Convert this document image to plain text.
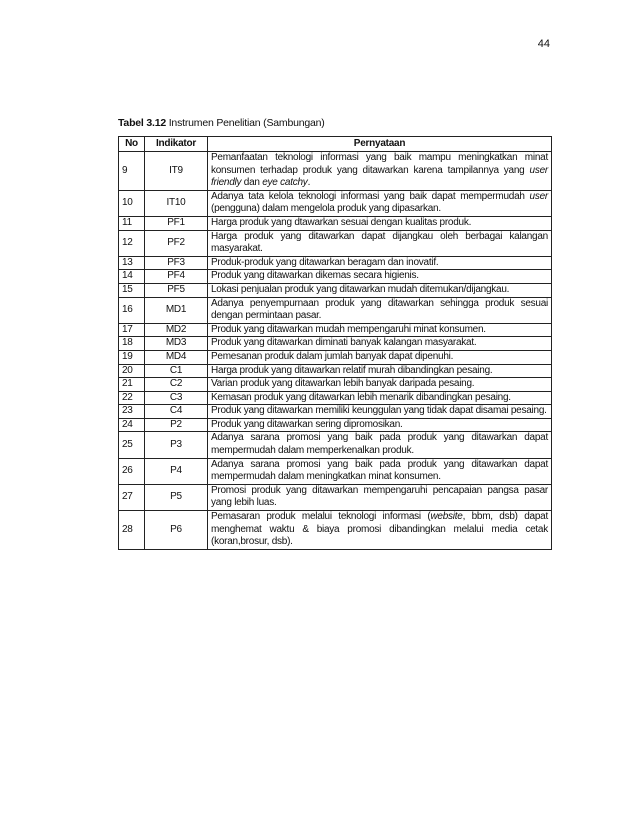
44
Tabel 3.12 Instrumen Penelitian (Sambungan)
No	Indikator	Pernyataan
9	IT9	Pemanfaatan teknologi informasi yang baik mampu meningkatkan minat konsumen terhadap produk yang ditawarkan karena tampilannya yang user friendly dan eye catchy.
10	IT10	Adanya tata kelola teknologi informasi yang baik dapat mempermudah user (pengguna) dalam mengelola produk yang dipasarkan.
11	PF1	Harga produk yang dtawarkan sesuai dengan kualitas produk.
12	PF2	Harga produk yang ditawarkan dapat dijangkau oleh berbagai kalangan masyarakat.
13	PF3	Produk-produk yang ditawarkan beragam dan inovatif.
14	PF4	Produk yang ditawarkan dikemas secara higienis.
15	PF5	Lokasi penjualan produk yang ditawarkan mudah ditemukan/dijangkau.
16	MD1	Adanya penyempurnaan produk yang ditawarkan sehingga produk sesuai dengan permintaan pasar.
17	MD2	Produk yang ditawarkan mudah mempengaruhi minat konsumen.
18	MD3	Produk yang ditawarkan diminati banyak kalangan masyarakat.
19	MD4	Pemesanan produk dalam jumlah banyak dapat dipenuhi.
20	C1	Harga produk yang ditawarkan relatif murah dibandingkan pesaing.
21	C2	Varian produk yang ditawarkan lebih banyak daripada pesaing.
22	C3	Kemasan produk yang ditawarkan lebih menarik dibandingkan pesaing.
23	C4	Produk yang ditawarkan memiliki keunggulan yang tidak dapat disamai pesaing.
24	P2	Produk yang ditawarkan sering dipromosikan.
25	P3	Adanya sarana promosi yang baik pada produk yang ditawarkan dapat mempermudah dalam memperkenalkan produk.
26	P4	Adanya sarana promosi yang baik pada produk yang ditawarkan dapat mempermudah dalam meningkatkan minat konsumen.
27	P5	Promosi produk yang ditawarkan mempengaruhi pencapaian pangsa pasar yang lebih luas.
28	P6	Pemasaran produk melalui teknologi informasi (website, bbm, dsb) dapat menghemat waktu & biaya promosi dibandingkan melalui media cetak (koran,brosur, dsb).
